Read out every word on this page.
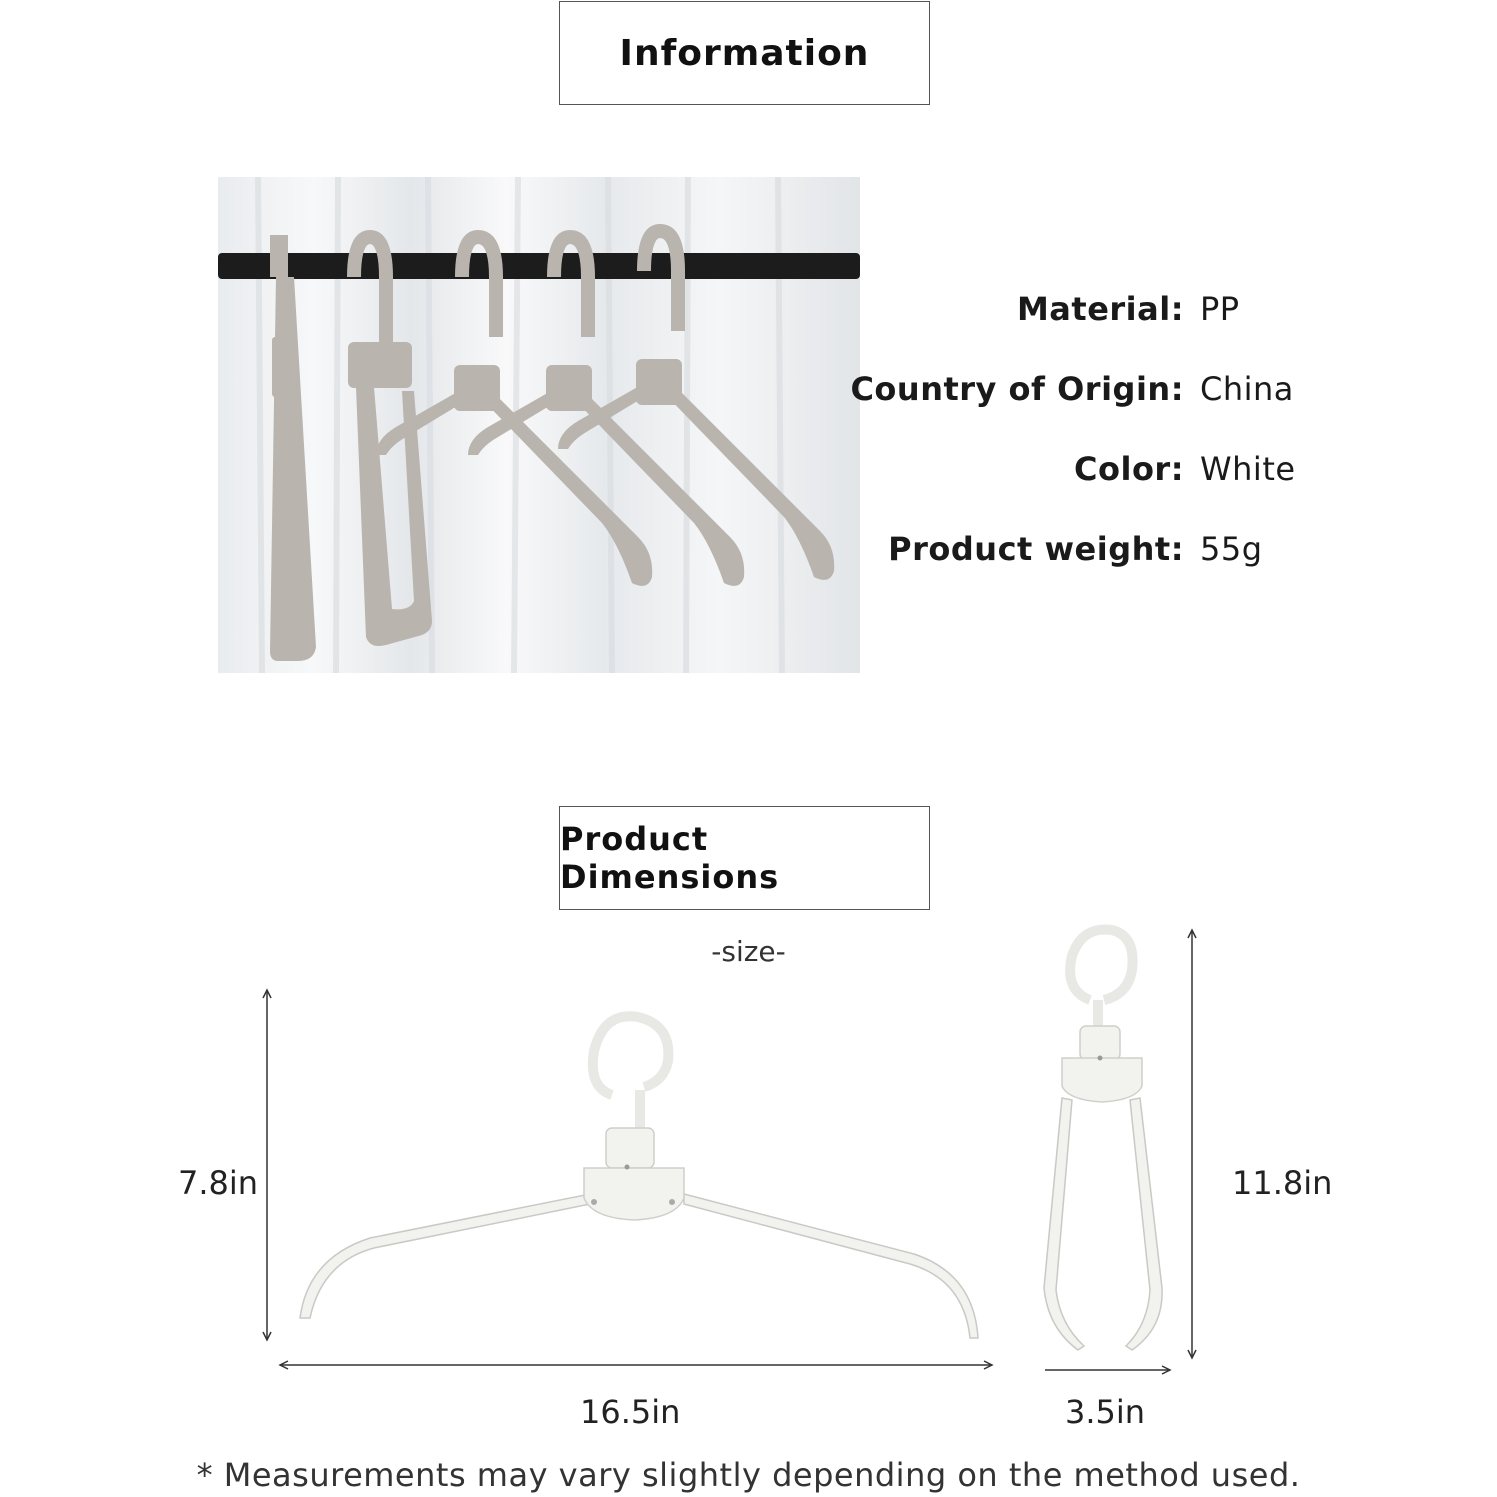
Information
Material: PP
Country of Origin: China
Color: White
Product weight: 55g
Product Dimensions
-size-
7.8in
16.5in
11.8in
3.5in
* Measurements may vary slightly depending on the method used.
